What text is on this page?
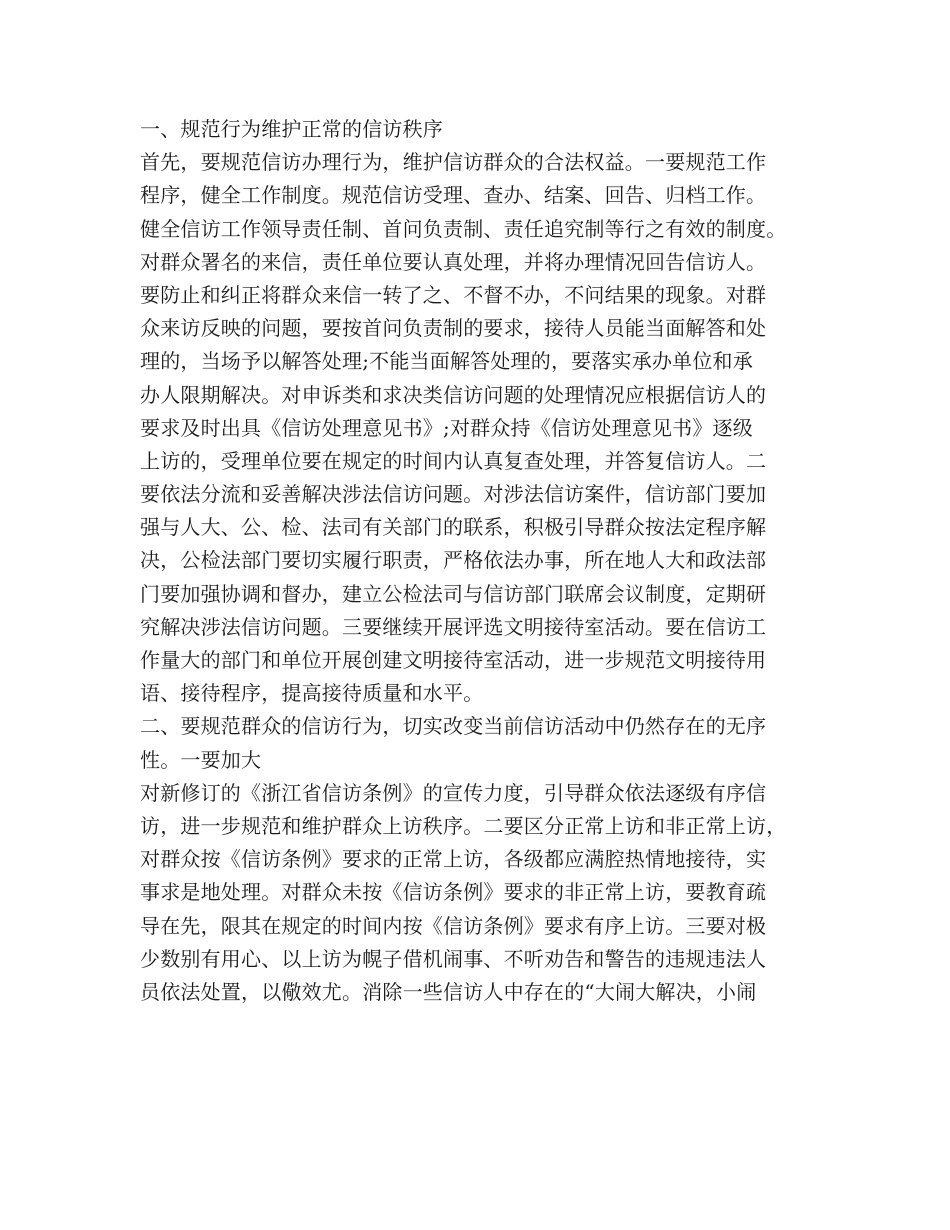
一、规范行为维护正常的信访秩序
首先，要规范信访办理行为，维护信访群众的合法权益。一要规范工作
程序，健全工作制度。规范信访受理、查办、结案、回告、归档工作。
健全信访工作领导责任制、首问负责制、责任追究制等行之有效的制度。
对群众署名的来信，责任单位要认真处理，并将办理情况回告信访人。
要防止和纠正将群众来信一转了之、不督不办，不问结果的现象。对群
众来访反映的问题，要按首问负责制的要求，接待人员能当面解答和处
理的，当场予以解答处理;不能当面解答处理的，要落实承办单位和承
办人限期解决。对申诉类和求决类信访问题的处理情况应根据信访人的
要求及时出具《信访处理意见书》;对群众持《信访处理意见书》逐级
上访的，受理单位要在规定的时间内认真复查处理，并答复信访人。二
要依法分流和妥善解决涉法信访问题。对涉法信访案件，信访部门要加
强与人大、公、检、法司有关部门的联系，积极引导群众按法定程序解
决，公检法部门要切实履行职责，严格依法办事，所在地人大和政法部
门要加强协调和督办，建立公检法司与信访部门联席会议制度，定期研
究解决涉法信访问题。三要继续开展评选文明接待室活动。要在信访工
作量大的部门和单位开展创建文明接待室活动，进一步规范文明接待用
语、接待程序，提高接待质量和水平。
二、要规范群众的信访行为，切实改变当前信访活动中仍然存在的无序
性。一要加大
对新修订的《浙江省信访条例》的宣传力度，引导群众依法逐级有序信
访，进一步规范和维护群众上访秩序。二要区分正常上访和非正常上访，
对群众按《信访条例》要求的正常上访，各级都应满腔热情地接待，实
事求是地处理。对群众未按《信访条例》要求的非正常上访，要教育疏
导在先，限其在规定的时间内按《信访条例》要求有序上访。三要对极
少数别有用心、以上访为幌子借机闹事、不听劝告和警告的违规违法人
员依法处置，以儆效尤。消除一些信访人中存在的“大闹大解决，小闹
